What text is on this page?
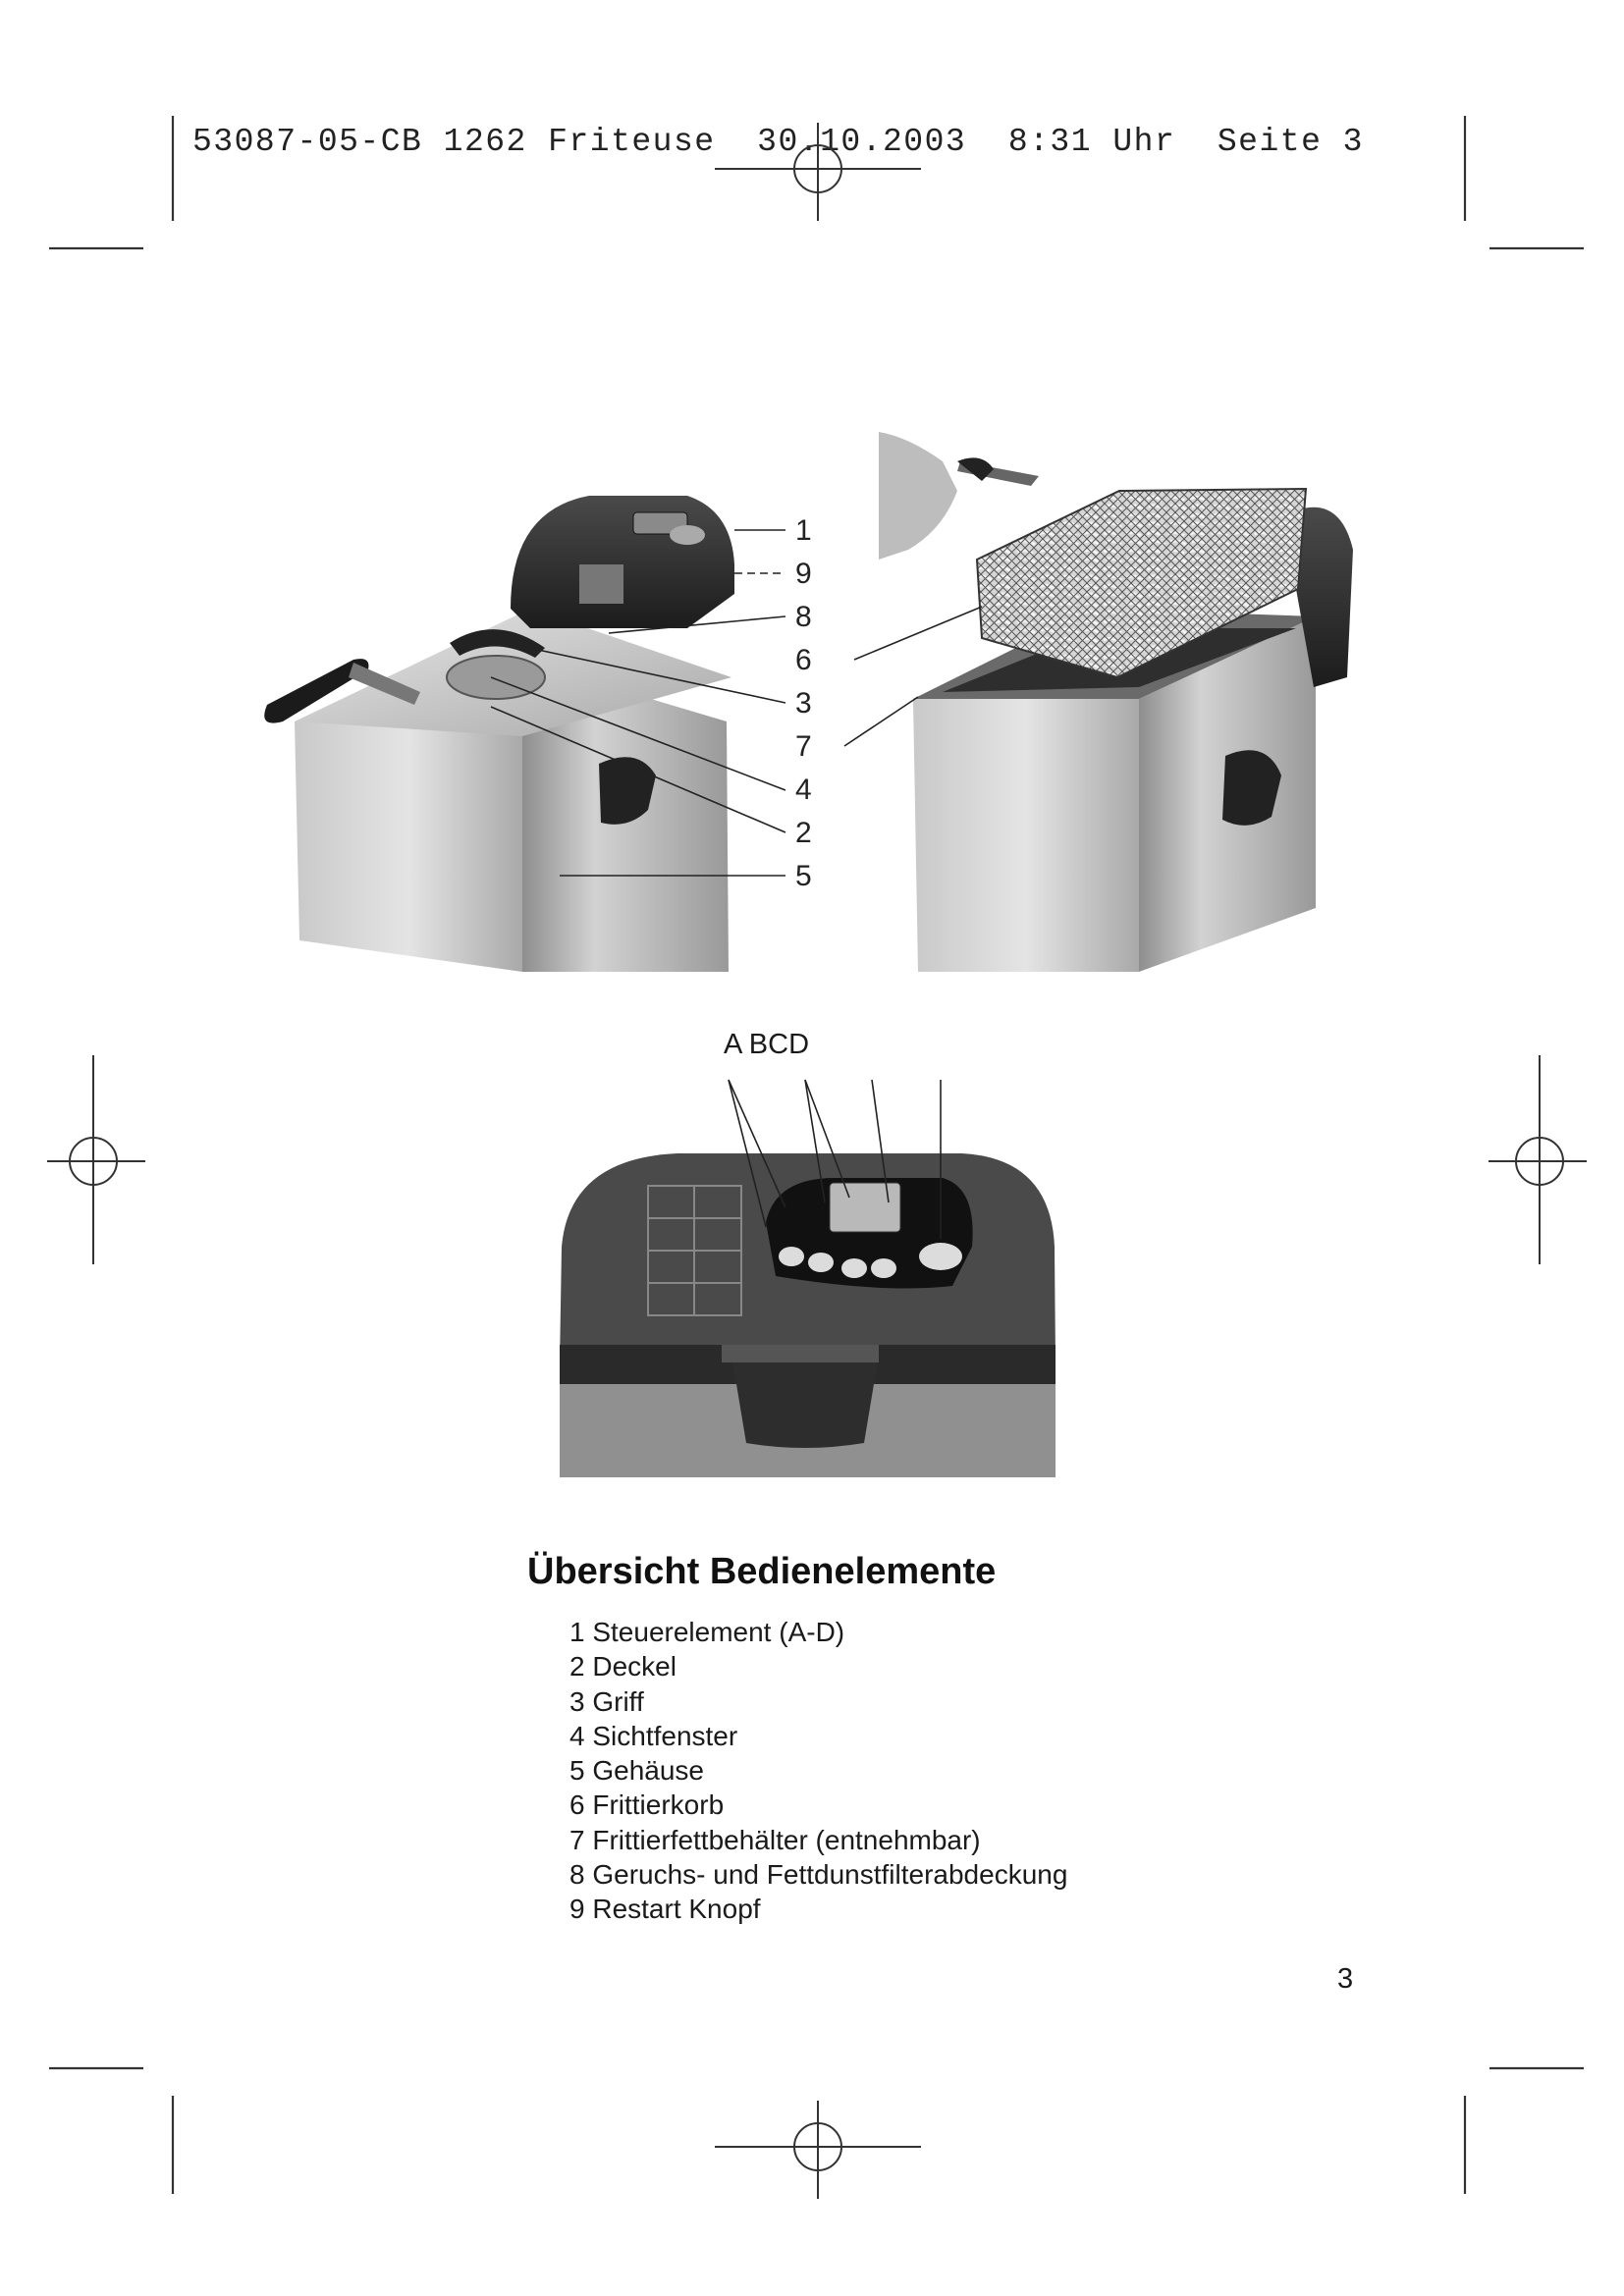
53087-05-CB 1262 Friteuse  30.10.2003  8:31 Uhr  Seite 3
1
9
8
6
3
7
4
2
5
A BCD
Übersicht Bedienelemente
1 Steuerelement (A-D)
2 Deckel
3 Griff
4 Sichtfenster
5 Gehäuse
6 Frittierkorb
7 Frittierfettbehälter (entnehmbar)
8 Geruchs- und Fettdunstfilterabdeckung
9 Restart Knopf
3
